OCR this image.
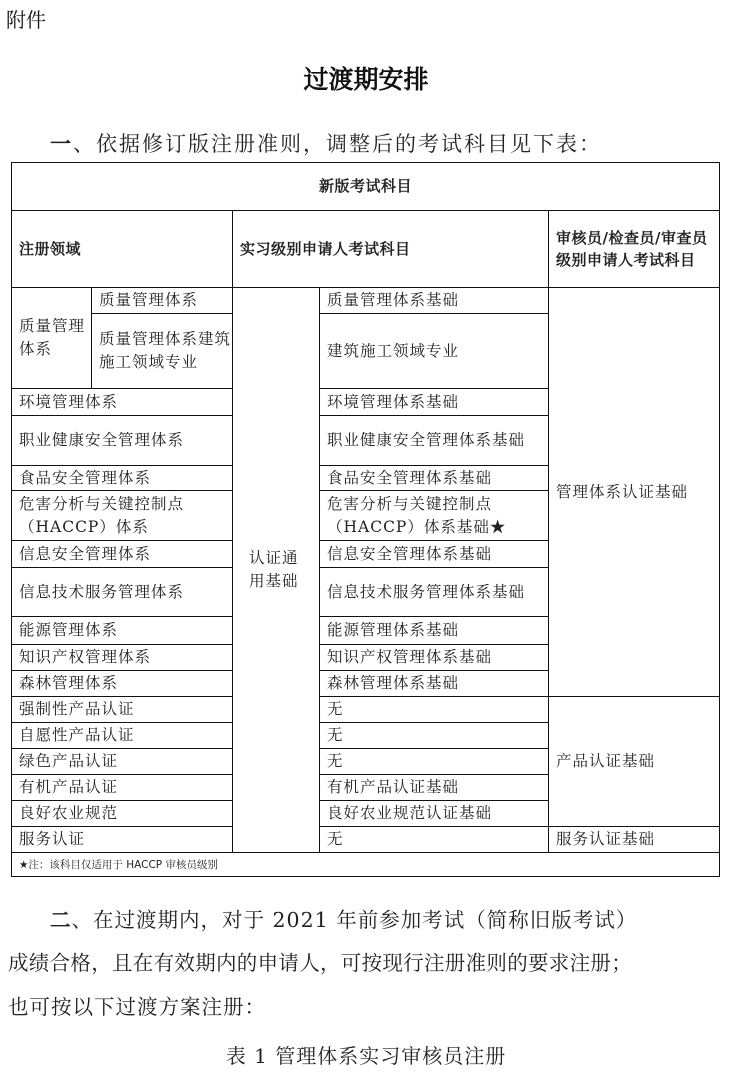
附件
过渡期安排
一、依据修订版注册准则，调整后的考试科目见下表：
新版考试科目				
注册领域		实习级别申请人考试科目		审核员/检查员/审查员级别申请人考试科目
质量管理体系	质量管理体系	认证通用基础	质量管理体系基础	管理体系认证基础
	质量管理体系建筑施工领域专业		建筑施工领域专业	
环境管理体系			环境管理体系基础	
职业健康安全管理体系			职业健康安全管理体系基础	
食品安全管理体系			食品安全管理体系基础	
危害分析与关键控制点（HACCP）体系			危害分析与关键控制点（HACCP）体系基础★	
信息安全管理体系			信息安全管理体系基础	
信息技术服务管理体系			信息技术服务管理体系基础	
能源管理体系			能源管理体系基础	
知识产权管理体系			知识产权管理体系基础	
森林管理体系			森林管理体系基础	
强制性产品认证			无	产品认证基础
自愿性产品认证			无	
绿色产品认证			无	
有机产品认证			有机产品认证基础	
良好农业规范			良好农业规范认证基础	
服务认证			无	服务认证基础
★注：该科目仅适用于 HACCP 审核员级别				
二、在过渡期内，对于 2021 年前参加考试（简称旧版考试）
成绩合格，且在有效期内的申请人，可按现行注册准则的要求注册；
也可按以下过渡方案注册：
表 1 管理体系实习审核员注册
